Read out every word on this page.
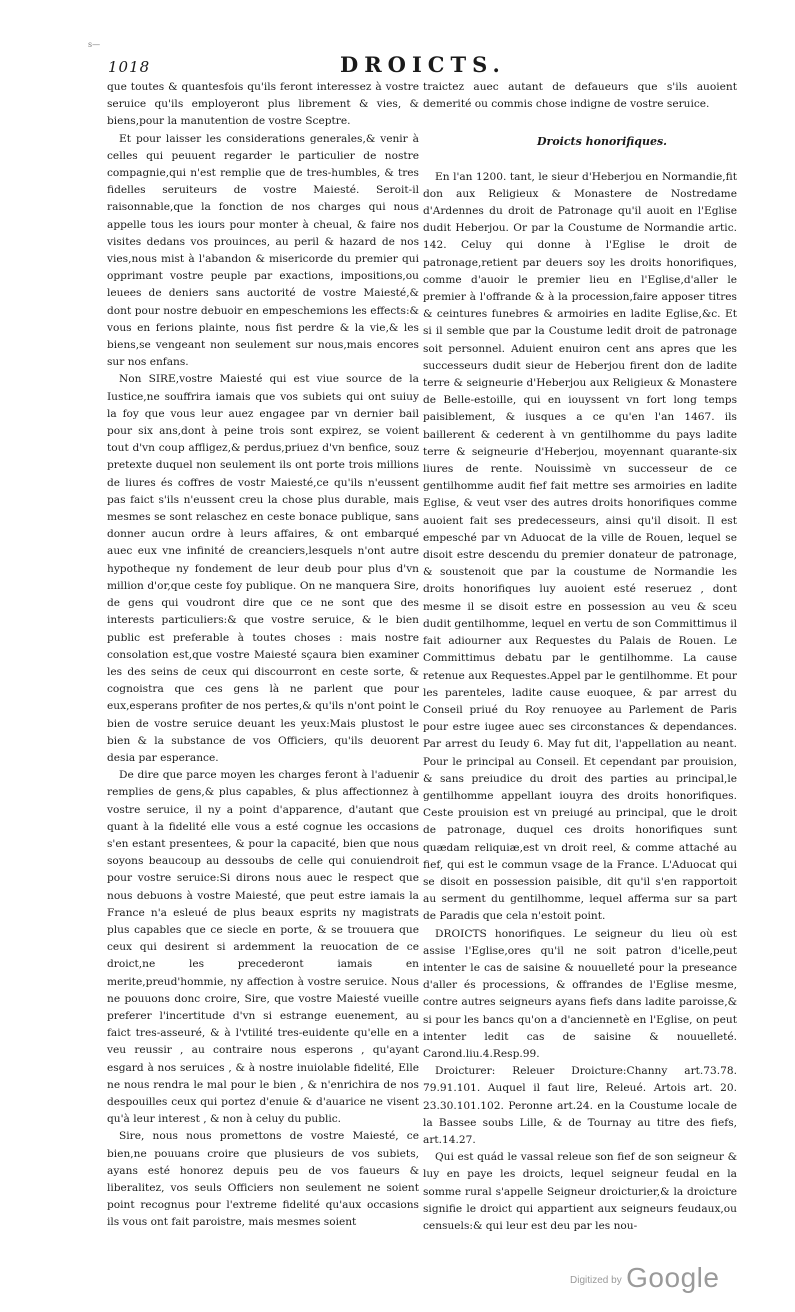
s—
1018	DROICTS.

que toutes & quantesfois qu'ils feront interessez à vostre seruice qu'ils employeront plus librement & vies, & biens,pour la manutention de vostre Sceptre.

Et pour laisser les considerations generales,& venir à celles qui peuuent regarder le particulier de nostre compagnie,qui n'est remplie que de tres-humbles, & tres fidelles seruiteurs de vostre Maiesté. Seroit-il raisonnable,que la fonction de nos charges qui nous appelle tous les iours pour monter à cheual, & faire nos visites dedans vos prouinces, au peril & hazard de nos vies,nous mist à l'abandon & misericorde du premier qui opprimant vostre peuple par exactions, impositions,ou leuees de deniers sans auctorité de vostre Maiesté,& dont pour nostre debuoir en empeschemions les effects:& vous en ferions plainte, nous fist perdre & la vie,& les biens,se vengeant non seulement sur nous,mais encores sur nos enfans.

Non SIRE,vostre Maiesté qui est viue source de la Iustice,ne souffrira iamais que vos subiets qui ont suiuy la foy que vous leur auez engagee par vn dernier bail pour six ans,dont à peine trois sont expirez, se voient tout d'vn coup affligez,& perdus,priuez d'vn benfice, souz pretexte duquel non seulement ils ont porte trois millions de liures és coffres de vostr Maiesté,ce qu'ils n'eussent pas faict s'ils n'eussent creu la chose plus durable, mais mesmes se sont relaschez en ceste bonace publique, sans donner aucun ordre à leurs affaires, & ont embarqué auec eux vne infinité de creanciers,lesquels n'ont autre hypotheque ny fondement de leur deub pour plus d'vn million d'or,que ceste foy publique. On ne manquera Sire, de gens qui voudront dire que ce ne sont que des interests particuliers:& que vostre seruice, & le bien public est preferable à toutes choses : mais nostre consolation est,que vostre Maiesté sçaura bien examiner les des seins de ceux qui discourront en ceste sorte, & cognoistra que ces gens là ne parlent que pour eux,esperans profiter de nos pertes,& qu'ils n'ont point le bien de vostre seruice deuant les yeux:Mais plustost le bien & la substance de vos Officiers, qu'ils deuorent desia par esperance.

De dire que parce moyen les charges feront à l'aduenir remplies de gens,& plus capables, & plus affectionnez à vostre seruice, il ny a point d'apparence, d'autant que quant à la fidelité elle vous a esté cognue les occasions s'en estant presentees, & pour la capacité, bien que nous soyons beaucoup au dessoubs de celle qui conuiendroit pour vostre seruice:Si dirons nous auec le respect que nous debuons à vostre Maiesté, que peut estre iamais la France n'a esleué de plus beaux esprits ny magistrats plus capables que ce siecle en porte, & se trouuera que ceux qui desirent si ardemment la reuocation de ce droict,ne les precederont iamais en merite,preud'hommie, ny affection à vostre seruice. Nous ne pouuons donc croire, Sire, que vostre Maiesté vueille preferer l'incertitude d'vn si estrange euenement, au faict tres-asseuré, & à l'vtilité tres-euidente qu'elle en a veu reussir , au contraire nous esperons , qu'ayant esgard à nos seruices , & à nostre inuiolable fidelité, Elle ne nous rendra le mal pour le bien , & n'enrichira de nos despouilles ceux qui portez d'enuie & d'auarice ne visent qu'à leur interest , & non à celuy du public.

Sire, nous nous promettons de vostre Maiesté, ce bien,ne pouuans croire que plusieurs de vos subiets, ayans esté honorez depuis peu de vos faueurs & liberalitez, vos seuls Officiers non seulement ne soient point recognus pour l'extreme fidelité qu'aux occasions ils vous ont fait paroistre, mais mesmes soient

traictez auec autant de defaueurs que s'ils auoient demerité ou commis chose indigne de vostre seruice.

Droicts honorifiques.

En l'an 1200. tant, le sieur d'Heberjou en Normandie,fit don aux Religieux & Monastere de Nostredame d'Ardennes du droit de Patronage qu'il auoit en l'Eglise dudit Heberjou. Or par la Coustume de Normandie artic. 142. Celuy qui donne à l'Eglise le droit de patronage,retient par deuers soy les droits honorifiques, comme d'auoir le premier lieu en l'Eglise,d'aller le premier à l'offrande & à la procession,faire apposer titres & ceintures funebres & armoiries en ladite Eglise,&c. Et si il semble que par la Coustume ledit droit de patronage soit personnel. Aduient enuiron cent ans apres que les successeurs dudit sieur de Heberjou firent don de ladite terre & seigneurie d'Heberjou aux Religieux & Monastere de Belle-estoille, qui en iouyssent vn fort long temps paisiblement, & iusques a ce qu'en l'an 1467. ils baillerent & cederent à vn gentilhomme du pays ladite terre & seigneurie d'Heberjou, moyennant quarante-six liures de rente. Nouissimè vn successeur de ce gentilhomme audit fief fait mettre ses armoiries en ladite Eglise, & veut vser des autres droits honorifiques comme auoient fait ses predecesseurs, ainsi qu'il disoit. Il est empesché par vn Aduocat de la ville de Rouen, lequel se disoit estre descendu du premier donateur de patronage, & soustenoit que par la coustume de Normandie les droits honorifiques luy auoient esté reseruez , dont mesme il se disoit estre en possession au veu & sceu dudit gentilhomme, lequel en vertu de son Committimus il fait adiourner aux Requestes du Palais de Rouen. Le Committimus debatu par le gentilhomme. La cause retenue aux Requestes.Appel par le gentilhomme. Et pour les parenteles, ladite cause euoquee, & par arrest du Conseil priué du Roy renuoyee au Parlement de Paris pour estre iugee auec ses circonstances & dependances. Par arrest du Ieudy 6. May fut dit, l'appellation au neant. Pour le principal au Conseil. Et cependant par prouision, & sans preiudice du droit des parties au principal,le gentilhomme appellant iouyra des droits honorifiques. Ceste prouision est vn preiugé au principal, que le droit de patronage, duquel ces droits honorifiques sunt quædam reliquiæ,est vn droit reel, & comme attaché au fief, qui est le commun vsage de la France. L'Aduocat qui se disoit en possession paisible, dit qu'il s'en rapportoit au serment du gentilhomme, lequel afferma sur sa part de Paradis que cela n'estoit point.

DROICTS honorifiques. Le seigneur du lieu où est assise l'Eglise,ores qu'il ne soit patron d'icelle,peut intenter le cas de saisine & nouuelleté pour la preseance d'aller és processions, & offrandes de l'Eglise mesme, contre autres seigneurs ayans fiefs dans ladite paroisse,& si pour les bancs qu'on a d'anciennetè en l'Eglise, on peut intenter ledit cas de saisine & nouuelleté. Carond.liu.4.Resp.99.

Droicturer: Releuer Droicture:Channy art.73.78. 79.91.101. Auquel il faut lire, Releué. Artois art. 20. 23.30.101.102. Peronne art.24. en la Coustume locale de la Bassee soubs Lille, & de Tournay au titre des fiefs, art.14.27.

Qui est quád le vassal releue son fief de son seigneur & luy en paye les droicts, lequel seigneur feudal en la somme rural s'appelle Seigneur droicturier,& la droicture signifie le droict qui appartient aux seigneurs feudaux,ou censuels:& qui leur est deu par les nou-

$^{Digitized by}$ Google
